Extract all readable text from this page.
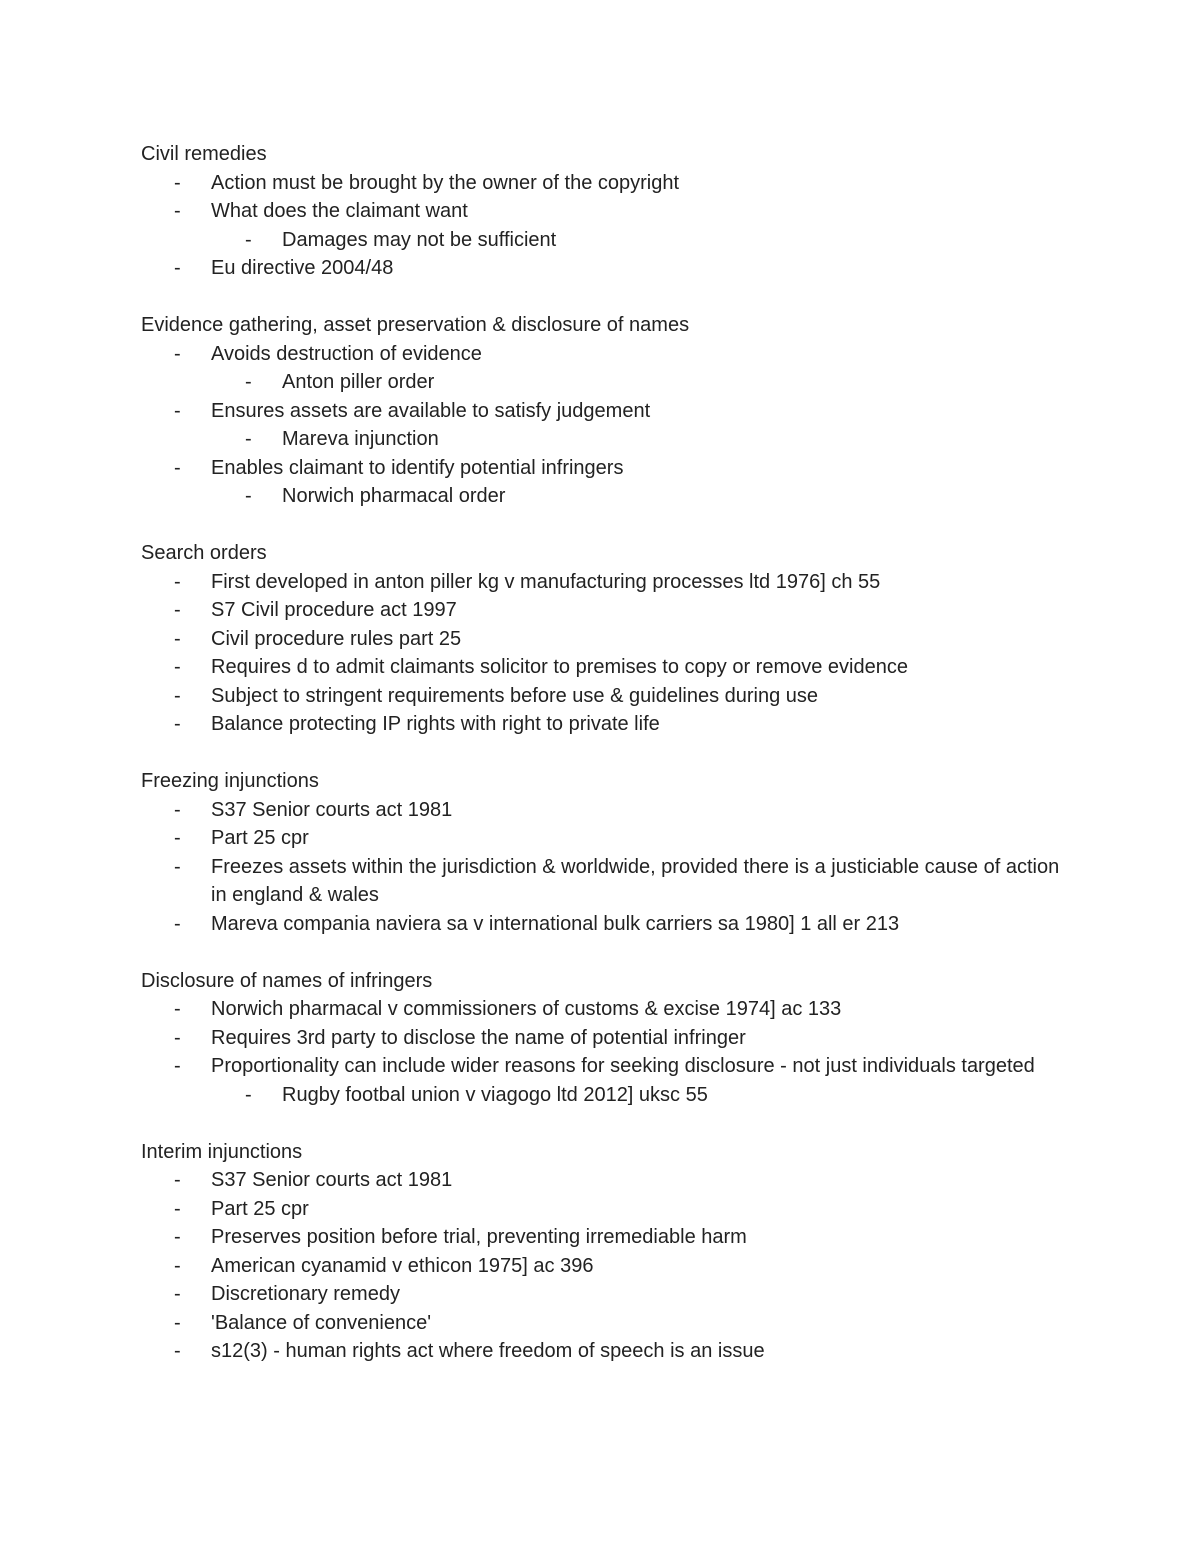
Civil remedies
- Action must be brought by the owner of the copyright
- What does the claimant want
- Damages may not be sufficient
- Eu directive 2004/48
Evidence gathering, asset preservation & disclosure of names
- Avoids destruction of evidence
- Anton piller order
- Ensures assets are available to satisfy judgement
- Mareva injunction
- Enables claimant to identify potential infringers
- Norwich pharmacal order
Search orders
- First developed in anton piller kg v manufacturing processes ltd 1976] ch 55
- S7 Civil procedure act 1997
- Civil procedure rules part 25
- Requires d to admit claimants solicitor to premises to copy or remove evidence
- Subject to stringent requirements before use & guidelines during use
- Balance protecting IP rights with right to private life
Freezing injunctions
- S37 Senior courts act 1981
- Part 25 cpr
- Freezes assets within the jurisdiction & worldwide, provided there is a justiciable cause of action in england & wales
- Mareva compania naviera sa v international bulk carriers sa 1980] 1 all er 213
Disclosure of names of infringers
- Norwich pharmacal v commissioners of customs & excise 1974] ac 133
- Requires 3rd party to disclose the name of potential infringer
- Proportionality can include wider reasons for seeking disclosure - not just individuals targeted
- Rugby footbal union v viagogo ltd 2012] uksc 55
Interim injunctions
- S37 Senior courts act 1981
- Part 25 cpr
- Preserves position before trial, preventing irremediable harm
- American cyanamid v ethicon 1975] ac 396
- Discretionary remedy
- 'Balance of convenience'
- s12(3) - human rights act where freedom of speech is an issue
